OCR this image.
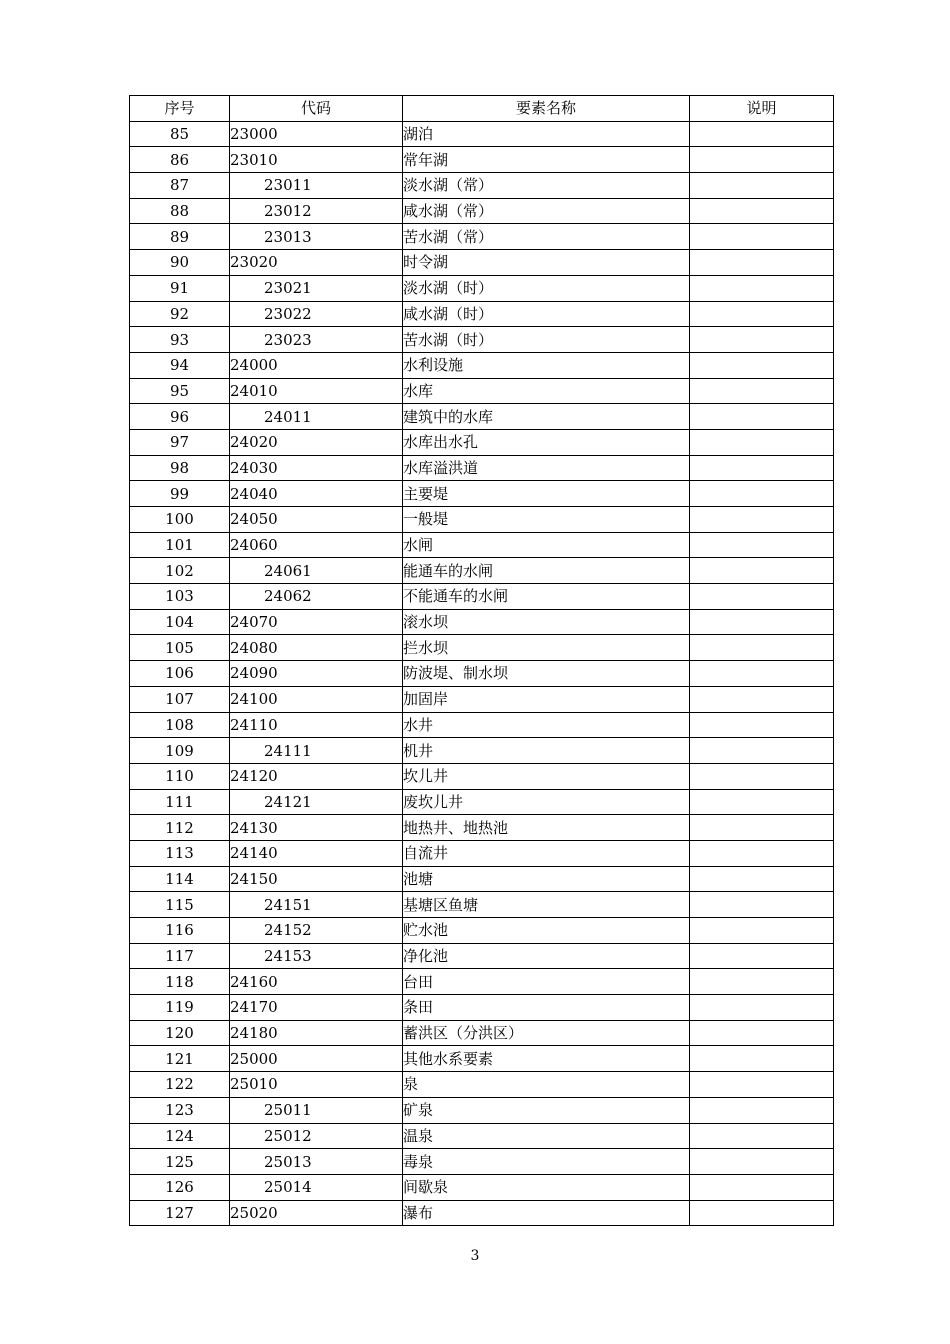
序号	代码	要素名称	说明
85	23000	湖泊	
86	23010	常年湖	
87	23011	淡水湖（常）	
88	23012	咸水湖（常）	
89	23013	苦水湖（常）	
90	23020	时令湖	
91	23021	淡水湖（时）	
92	23022	咸水湖（时）	
93	23023	苦水湖（时）	
94	24000	水利设施	
95	24010	水库	
96	24011	建筑中的水库	
97	24020	水库出水孔	
98	24030	水库溢洪道	
99	24040	主要堤	
100	24050	一般堤	
101	24060	水闸	
102	24061	能通车的水闸	
103	24062	不能通车的水闸	
104	24070	滚水坝	
105	24080	拦水坝	
106	24090	防波堤、制水坝	
107	24100	加固岸	
108	24110	水井	
109	24111	机井	
110	24120	坎儿井	
111	24121	废坎儿井	
112	24130	地热井、地热池	
113	24140	自流井	
114	24150	池塘	
115	24151	基塘区鱼塘	
116	24152	贮水池	
117	24153	净化池	
118	24160	台田	
119	24170	条田	
120	24180	蓄洪区（分洪区）	
121	25000	其他水系要素	
122	25010	泉	
123	25011	矿泉	
124	25012	温泉	
125	25013	毒泉	
126	25014	间歇泉	
127	25020	瀑布	
3
